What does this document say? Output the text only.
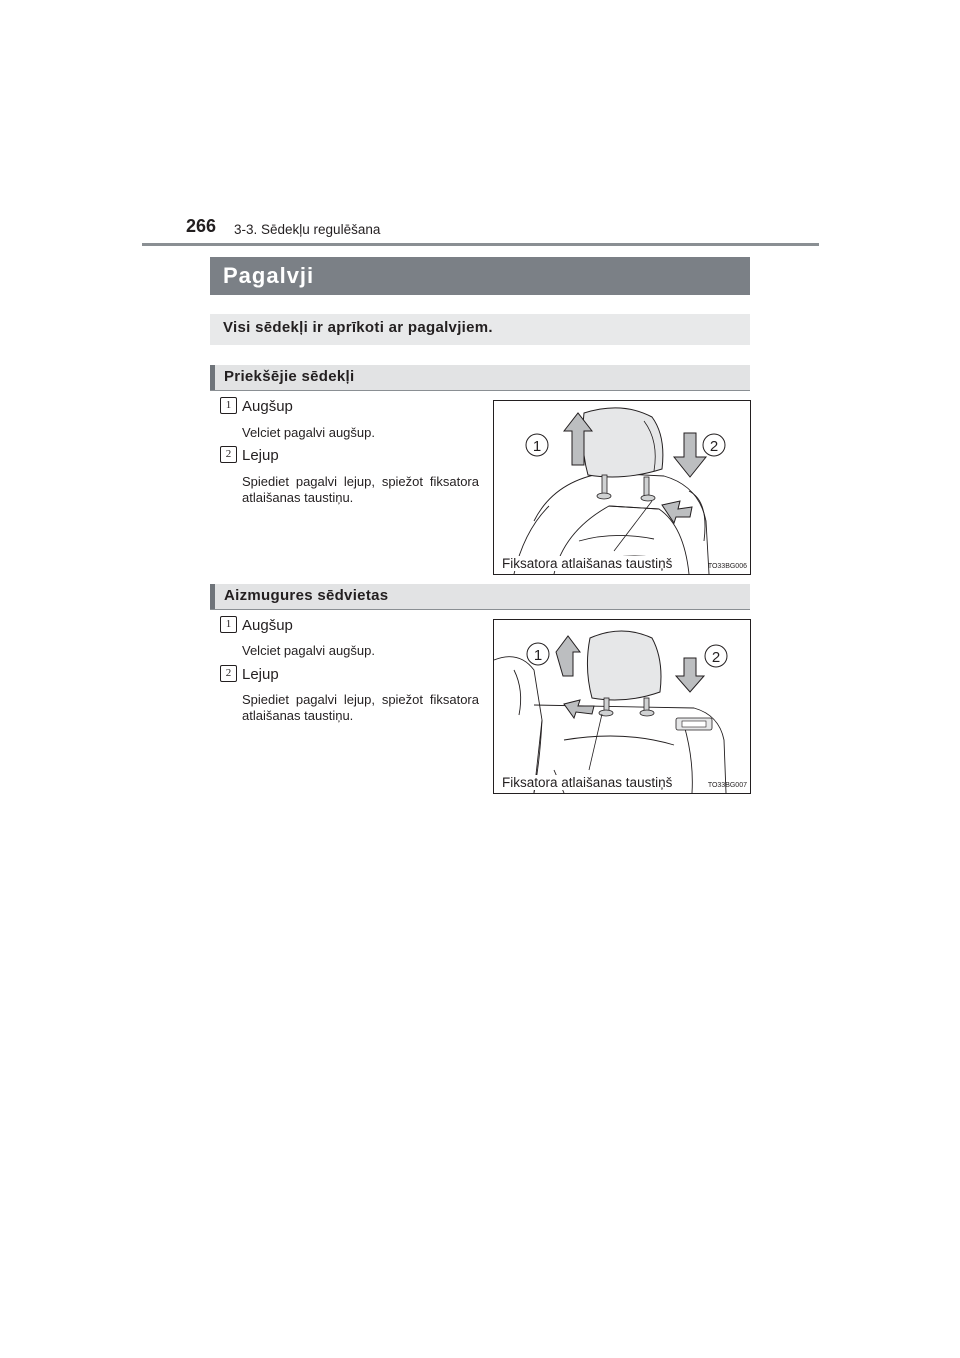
266 3-3. Sēdekļu regulēšana
Pagalvji
Visi sēdekļi ir aprīkoti ar pagalvjiem.
Priekšējie sēdekļi
1 Augšup
Velciet pagalvi augšup.
2 Lejup
Spiediet pagalvi lejup, spiežot fiksatora atlaišanas taustiņu.
1	2
Fiksatora atlaišanas taustiņš	TO33BG006
Aizmugures sēdvietas
1 Augšup
Velciet pagalvi augšup.
2 Lejup
Spiediet pagalvi lejup, spiežot fiksatora atlaišanas taustiņu.
1	2
Fiksatora atlaišanas taustiņš	TO33BG007
